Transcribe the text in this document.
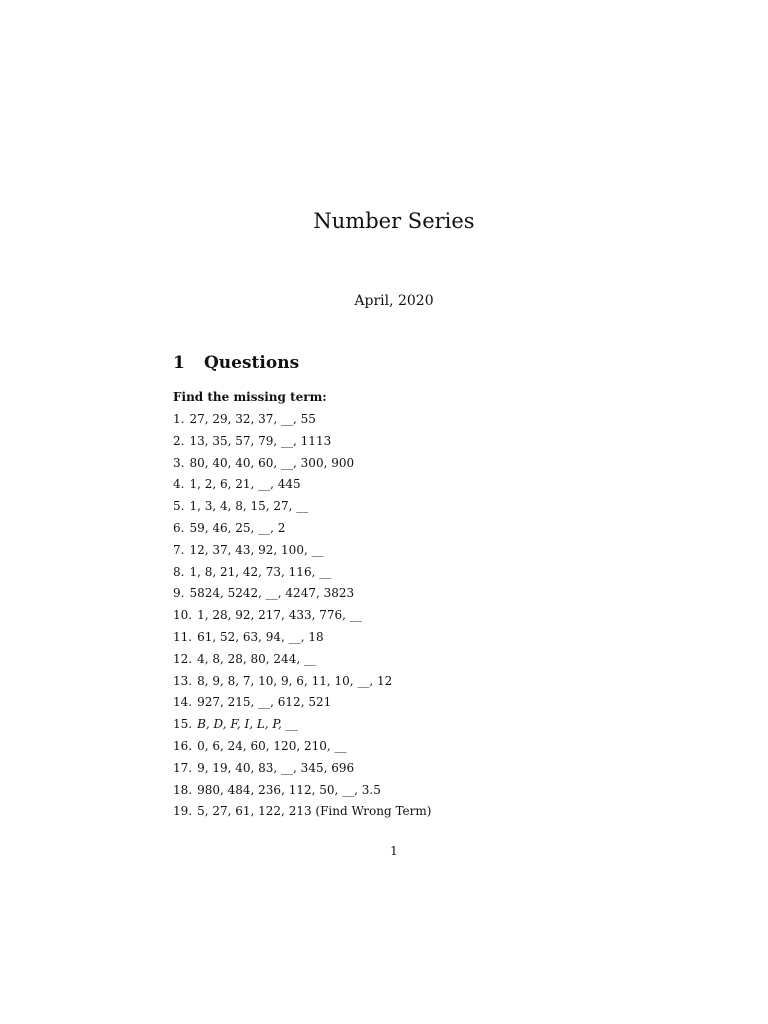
Number Series
April, 2020
1 Questions
Find the missing term:
1. 27, 29, 32, 37, __, 55
2. 13, 35, 57, 79, __, 1113
3. 80, 40, 40, 60, __, 300, 900
4. 1, 2, 6, 21, __, 445
5. 1, 3, 4, 8, 15, 27, __
6. 59, 46, 25, __, 2
7. 12, 37, 43, 92, 100, __
8. 1, 8, 21, 42, 73, 116, __
9. 5824, 5242, __, 4247, 3823
10. 1, 28, 92, 217, 433, 776, __
11. 61, 52, 63, 94, __, 18
12. 4, 8, 28, 80, 244, __
13. 8, 9, 8, 7, 10, 9, 6, 11, 10, __, 12
14. 927, 215, __, 612, 521
15. B, D, F, I, L, P, __
16. 0, 6, 24, 60, 120, 210, __
17. 9, 19, 40, 83, __, 345, 696
18. 980, 484, 236, 112, 50, __, 3.5
19. 5, 27, 61, 122, 213 (Find Wrong Term)
1
